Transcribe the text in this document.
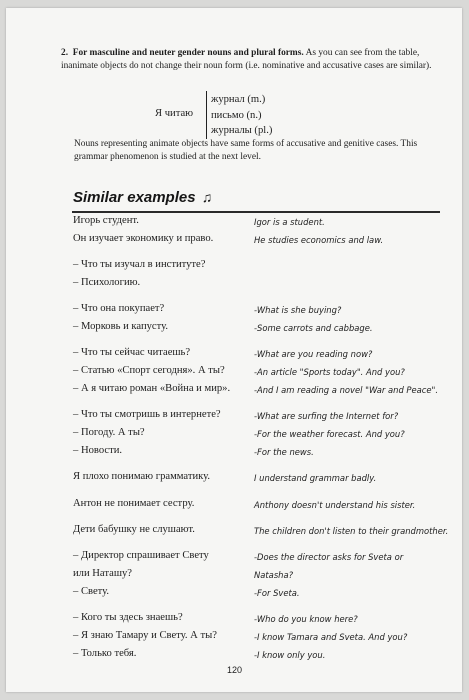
2. For masculine and neuter gender nouns and plural forms. As you can see from the table, inanimate objects do not change their noun form (i.e. nominative and accusative cases are similar).
Я читаю
журнал (m.)
письмо (n.)
журналы (pl.)
Nouns representing animate objects have same forms of accusative and genitive cases. This grammar phenomenon is studied at the next level.
Similar examples ♫
Игорь студент.	Igor is a student.
Он изучает экономику и право.	He studies economics and law.
– Что ты изучал в институте?
– Психологию.
– Что она покупает?	-What is she buying?
– Морковь и капусту.	-Some carrots and cabbage.
– Что ты сейчас читаешь?	-What are you reading now?
– Статью «Спорт сегодня». А ты?	-An article "Sports today". And you?
– А я читаю роман «Война и мир».	-And I am reading a novel "War and Peace".
– Что ты смотришь в интернете?	-What are surfing the Internet for?
– Погоду. А ты?	-For the weather forecast. And you?
– Новости.	-For the news.
Я плохо понимаю грамматику.	I understand grammar badly.
Антон не понимает сестру.	Anthony doesn't understand his sister.
Дети бабушку не слушают.	The children don't listen to their grandmother.
– Директор спрашивает Свету	-Does the director asks for Sveta or
или Наташу?	Natasha?
– Свету.	-For Sveta.
– Кого ты здесь знаешь?	-Who do you know here?
– Я знаю Тамару и Свету. А ты?	-I know Tamara and Sveta. And you?
– Только тебя.	-I know only you.
120
